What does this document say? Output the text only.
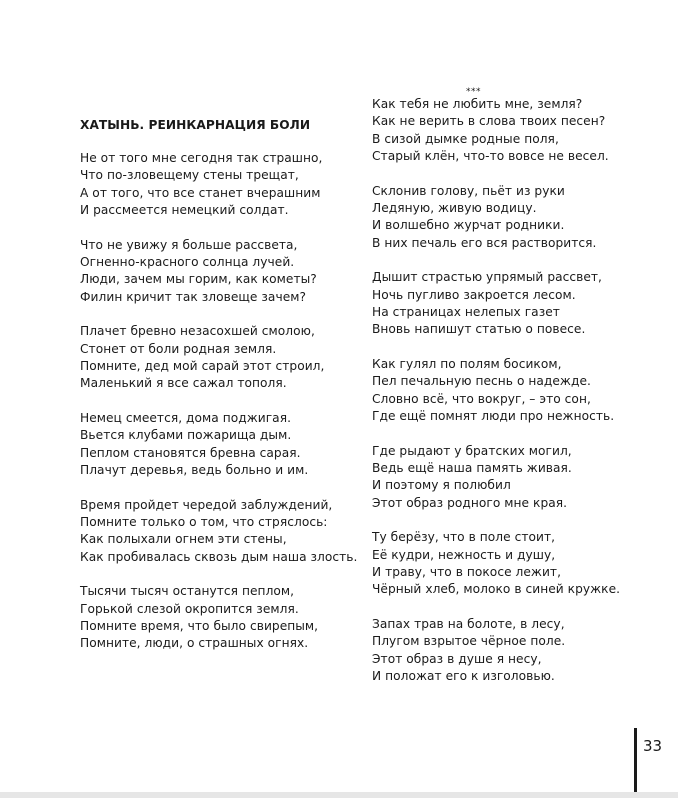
ХАТЫНЬ. РЕИНКАРНАЦИЯ БОЛИ
Не от того мне сегодня так страшно,
Что по-зловещему стены трещат,
А от того, что все станет вчерашним
И рассмеется немецкий солдат.
Что не увижу я больше рассвета,
Огненно-красного солнца лучей.
Люди, зачем мы горим, как кометы?
Филин кричит так зловеще зачем?
Плачет бревно незасохшей смолою,
Стонет от боли родная земля.
Помните, дед мой сарай этот строил,
Маленький я все сажал тополя.
Немец смеется, дома поджигая.
Вьется клубами пожарища дым.
Пеплом становятся бревна сарая.
Плачут деревья, ведь больно и им.
Время пройдет чередой заблуждений,
Помните только о том, что стряслось:
Как полыхали огнем эти стены,
Как пробивалась сквозь дым наша злость.
Тысячи тысяч останутся пеплом,
Горькой слезой окропится земля.
Помните время, что было свирепым,
Помните, люди, о страшных огнях.
***
Как тебя не любить мне, земля?
Как не верить в слова твоих песен?
В сизой дымке родные поля,
Старый клён, что-то вовсе не весел.
Склонив голову, пьёт из руки
Ледяную, живую водицу.
И волшебно журчат родники.
В них печаль его вся растворится.
Дышит страстью упрямый рассвет,
Ночь пугливо закроется лесом.
На страницах нелепых газет
Вновь напишут статью о повесе.
Как гулял по полям босиком,
Пел печальную песнь о надежде.
Словно всё, что вокруг, – это сон,
Где ещё помнят люди про нежность.
Где рыдают у братских могил,
Ведь ещё наша память живая.
И поэтому я полюбил
Этот образ родного мне края.
Ту берёзу, что в поле стоит,
Её кудри, нежность и душу,
И траву, что в покосе лежит,
Чёрный хлеб, молоко в синей кружке.
Запах трав на болоте, в лесу,
Плугом взрытое чёрное поле.
Этот образ в душе я несу,
И положат его к изголовью.
33
